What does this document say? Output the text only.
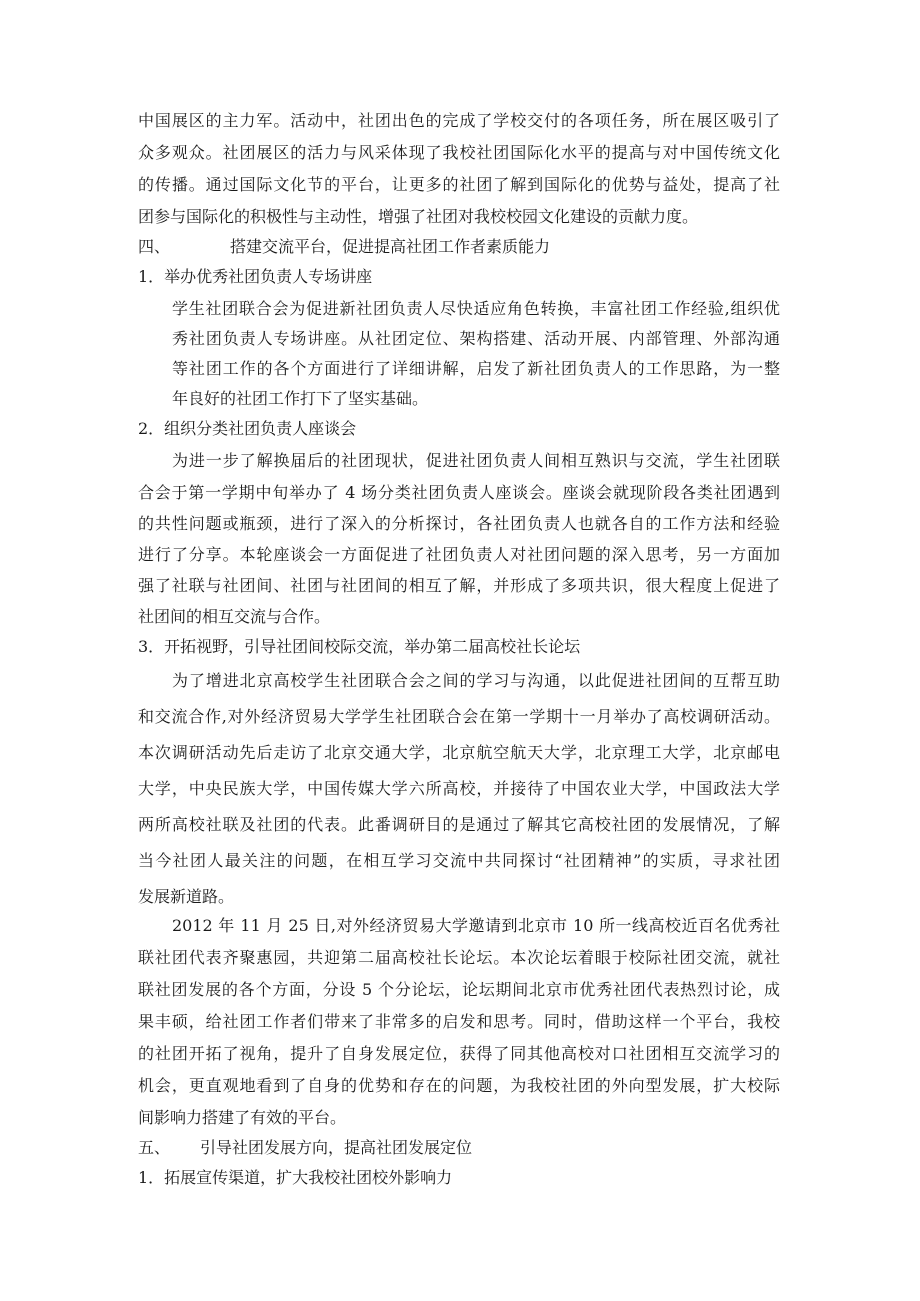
中国展区的主力军。活动中，社团出色的完成了学校交付的各项任务，所在展区吸引了
众多观众。社团展区的活力与风采体现了我校社团国际化水平的提高与对中国传统文化
的传播。通过国际文化节的平台，让更多的社团了解到国际化的优势与益处，提高了社
团参与国际化的积极性与主动性，增强了社团对我校校园文化建设的贡献力度。
四、	搭建交流平台，促进提高社团工作者素质能力
1．举办优秀社团负责人专场讲座
学生社团联合会为促进新社团负责人尽快适应角色转换，丰富社团工作经验,组织优
秀社团负责人专场讲座。从社团定位、架构搭建、活动开展、内部管理、外部沟通
等社团工作的各个方面进行了详细讲解，启发了新社团负责人的工作思路，为一整
年良好的社团工作打下了坚实基础。
2．组织分类社团负责人座谈会
为进一步了解换届后的社团现状，促进社团负责人间相互熟识与交流，学生社团联
合会于第一学期中旬举办了 4 场分类社团负责人座谈会。座谈会就现阶段各类社团遇到
的共性问题或瓶颈，进行了深入的分析探讨，各社团负责人也就各自的工作方法和经验
进行了分享。本轮座谈会一方面促进了社团负责人对社团问题的深入思考，另一方面加
强了社联与社团间、社团与社团间的相互了解，并形成了多项共识，很大程度上促进了
社团间的相互交流与合作。
3．开拓视野，引导社团间校际交流，举办第二届高校社长论坛
为了增进北京高校学生社团联合会之间的学习与沟通，以此促进社团间的互帮互助
和交流合作,对外经济贸易大学学生社团联合会在第一学期十一月举办了高校调研活动。
本次调研活动先后走访了北京交通大学，北京航空航天大学，北京理工大学，北京邮电
大学，中央民族大学，中国传媒大学六所高校，并接待了中国农业大学，中国政法大学
两所高校社联及社团的代表。此番调研目的是通过了解其它高校社团的发展情况，了解
当今社团人最关注的问题，在相互学习交流中共同探讨“社团精神”的实质，寻求社团
发展新道路。
2012 年 11 月 25 日,对外经济贸易大学邀请到北京市 10 所一线高校近百名优秀社
联社团代表齐聚惠园，共迎第二届高校社长论坛。本次论坛着眼于校际社团交流，就社
联社团发展的各个方面，分设 5 个分论坛，论坛期间北京市优秀社团代表热烈讨论，成
果丰硕，给社团工作者们带来了非常多的启发和思考。同时，借助这样一个平台，我校
的社团开拓了视角，提升了自身发展定位，获得了同其他高校对口社团相互交流学习的
机会，更直观地看到了自身的优势和存在的问题，为我校社团的外向型发展，扩大校际
间影响力搭建了有效的平台。
五、 引导社团发展方向，提高社团发展定位
1．拓展宣传渠道，扩大我校社团校外影响力
